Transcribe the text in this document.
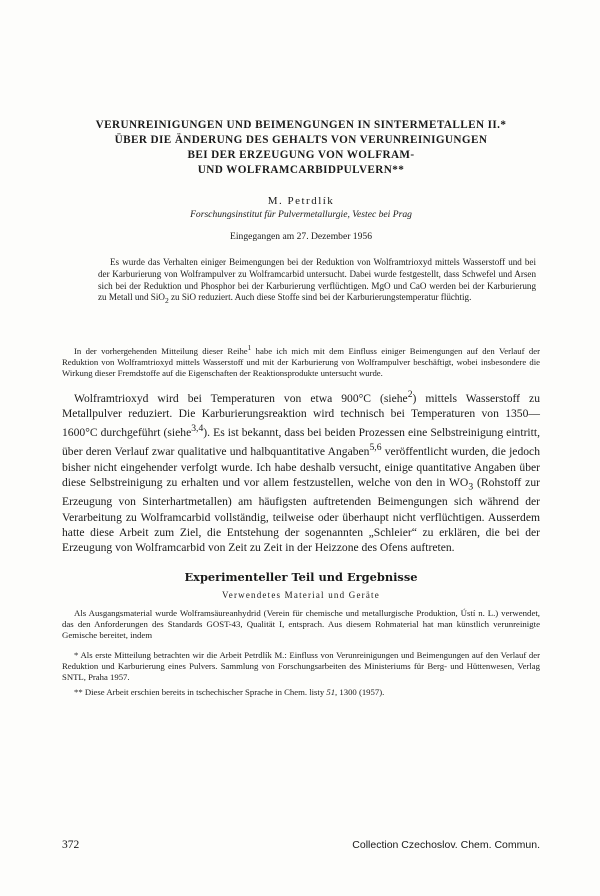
VERUNREINIGUNGEN UND BEIMENGUNGEN IN SINTERMETALLEN II.*
ÜBER DIE ÄNDERUNG DES GEHALTS VON VERUNREINIGUNGEN
BEI DER ERZEUGUNG VON WOLFRAM-
UND WOLFRAMCARBIDPULVERN**
M. Petrdlík
Forschungsinstitut für Pulvermetallurgie, Vestec bei Prag
Eingegangen am 27. Dezember 1956

Es wurde das Verhalten einiger Beimengungen bei der Reduktion von Wolframtrioxyd mittels Wasserstoff und bei der Karburierung von Wolframpulver zu Wolframcarbid untersucht. Dabei wurde festgestellt, dass Schwefel und Arsen sich bei der Reduktion und Phosphor bei der Karburierung verflüchtigen. MgO und CaO werden bei der Karburierung zu Metall und SiO$_2$ zu SiO reduziert. Auch diese Stoffe sind bei der Karburierungstemperatur flüchtig.

In der vorhergehenden Mitteilung dieser Reihe$^1$ habe ich mich mit dem Einfluss einiger Beimengungen auf den Verlauf der Reduktion von Wolframtrioxyd mittels Wasserstoff und mit der Karburierung von Wolframpulver beschäftigt, wobei insbesondere die Wirkung dieser Fremdstoffe auf die Eigenschaften der Reaktionsprodukte untersucht wurde.

Wolframtrioxyd wird bei Temperaturen von etwa 900°C (siehe$^2$) mittels Wasserstoff zu Metallpulver reduziert. Die Karburierungsreaktion wird technisch bei Temperaturen von 1350—1600°C durchgeführt (siehe$^{3,4}$). Es ist bekannt, dass bei beiden Prozessen eine Selbstreinigung eintritt, über deren Verlauf zwar qualitative und halbquantitative Angaben$^{5,6}$ veröffentlicht wurden, die jedoch bisher nicht eingehender verfolgt wurde. Ich habe deshalb versucht, einige quantitative Angaben über diese Selbstreinigung zu erhalten und vor allem festzustellen, welche von den in $WO_3$ (Rohstoff zur Erzeugung von Sinterhartmetallen) am häufigsten auftretenden Beimengungen sich während der Verarbeitung zu Wolframcarbid vollständig, teilweise oder überhaupt nicht verflüchtigen. Ausserdem hatte diese Arbeit zum Ziel, die Entstehung der sogenannten „Schleier“ zu erklären, die bei der Erzeugung von Wolframcarbid von Zeit zu Zeit in der Heizzone des Ofens auftreten.

Experimenteller Teil und Ergebnisse
Verwendetes Material und Geräte

Als Ausgangsmaterial wurde Wolframsäureanhydrid (Verein für chemische und metallurgische Produktion, Ústí n. L.) verwendet, das den Anforderungen des Standards GOST-43, Qualität I, entsprach. Aus diesem Rohmaterial hat man künstlich verunreinigte Gemische bereitet, indem

* Als erste Mitteilung betrachten wir die Arbeit Petrdlík M.: Einfluss von Verunreinigungen und Beimengungen auf den Verlauf der Reduktion und Karburierung eines Pulvers. Sammlung von Forschungsarbeiten des Ministeriums für Berg- und Hüttenwesen, Verlag SNTL, Praha 1957.

** Diese Arbeit erschien bereits in tschechischer Sprache in Chem. listy 51, 1300 (1957).

372	Collection Czechoslov. Chem. Commun.
